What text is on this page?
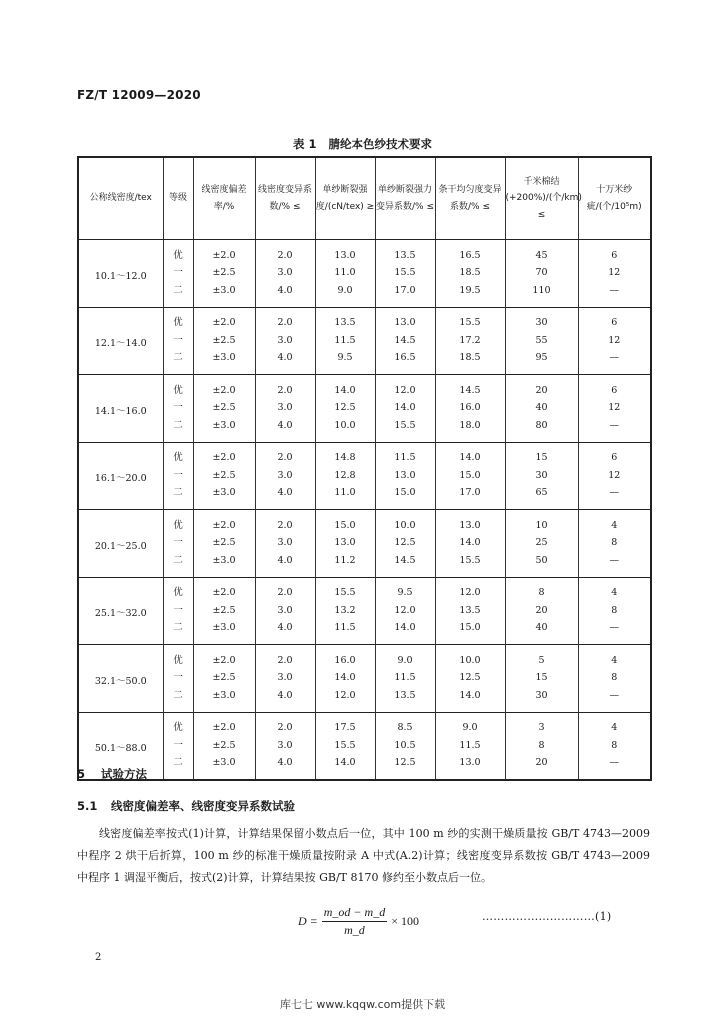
FZ/T 12009—2020
表 1 腈纶本色纱技术要求
公称线密度/tex	等级	线密度偏差率/%	线密度变异系数/% ≤	单纱断裂强度/(cN/tex) ≥	单纱断裂强力变异系数/% ≤	条干均匀度变异系数/% ≤	千米棉结(+200%)/(个/km) ≤	十万米纱疵/(个/10⁵m)
10.1～12.0	优	±2.0	2.0	13.0	13.5	16.5	45	6
	一	±2.5	3.0	11.0	15.5	18.5	70	12
	二	±3.0	4.0	9.0	17.0	19.5	110	—
12.1～14.0	优	±2.0	2.0	13.5	13.0	15.5	30	6
	一	±2.5	3.0	11.5	14.5	17.2	55	12
	二	±3.0	4.0	9.5	16.5	18.5	95	—
14.1～16.0	优	±2.0	2.0	14.0	12.0	14.5	20	6
	一	±2.5	3.0	12.5	14.0	16.0	40	12
	二	±3.0	4.0	10.0	15.5	18.0	80	—
16.1～20.0	优	±2.0	2.0	14.8	11.5	14.0	15	6
	一	±2.5	3.0	12.8	13.0	15.0	30	12
	二	±3.0	4.0	11.0	15.0	17.0	65	—
20.1～25.0	优	±2.0	2.0	15.0	10.0	13.0	10	4
	一	±2.5	3.0	13.0	12.5	14.0	25	8
	二	±3.0	4.0	11.2	14.5	15.5	50	—
25.1～32.0	优	±2.0	2.0	15.5	9.5	12.0	8	4
	一	±2.5	3.0	13.2	12.0	13.5	20	8
	二	±3.0	4.0	11.5	14.0	15.0	40	—
32.1～50.0	优	±2.0	2.0	16.0	9.0	10.0	5	4
	一	±2.5	3.0	14.0	11.5	12.5	15	8
	二	±3.0	4.0	12.0	13.5	14.0	30	—
50.1～88.0	优	±2.0	2.0	17.5	8.5	9.0	3	4
	一	±2.5	3.0	15.5	10.5	11.5	8	8
	二	±3.0	4.0	14.0	12.5	13.0	20	—
5 试验方法
5.1 线密度偏差率、线密度变异系数试验
线密度偏差率按式(1)计算，计算结果保留小数点后一位，其中 100 m 纱的实测干燥质量按 GB/T 4743—2009 中程序 2 烘干后折算，100 m 纱的标准干燥质量按附录 A 中式(A.2)计算；线密度变异系数按 GB/T 4743—2009 中程序 1 调湿平衡后，按式(2)计算，计算结果按 GB/T 8170 修约至小数点后一位。
$D = \frac{m\_od - m\_d}{m\_d} \times 100$	…………………………(1)
2
库七七 www.kqqw.com提供下载
